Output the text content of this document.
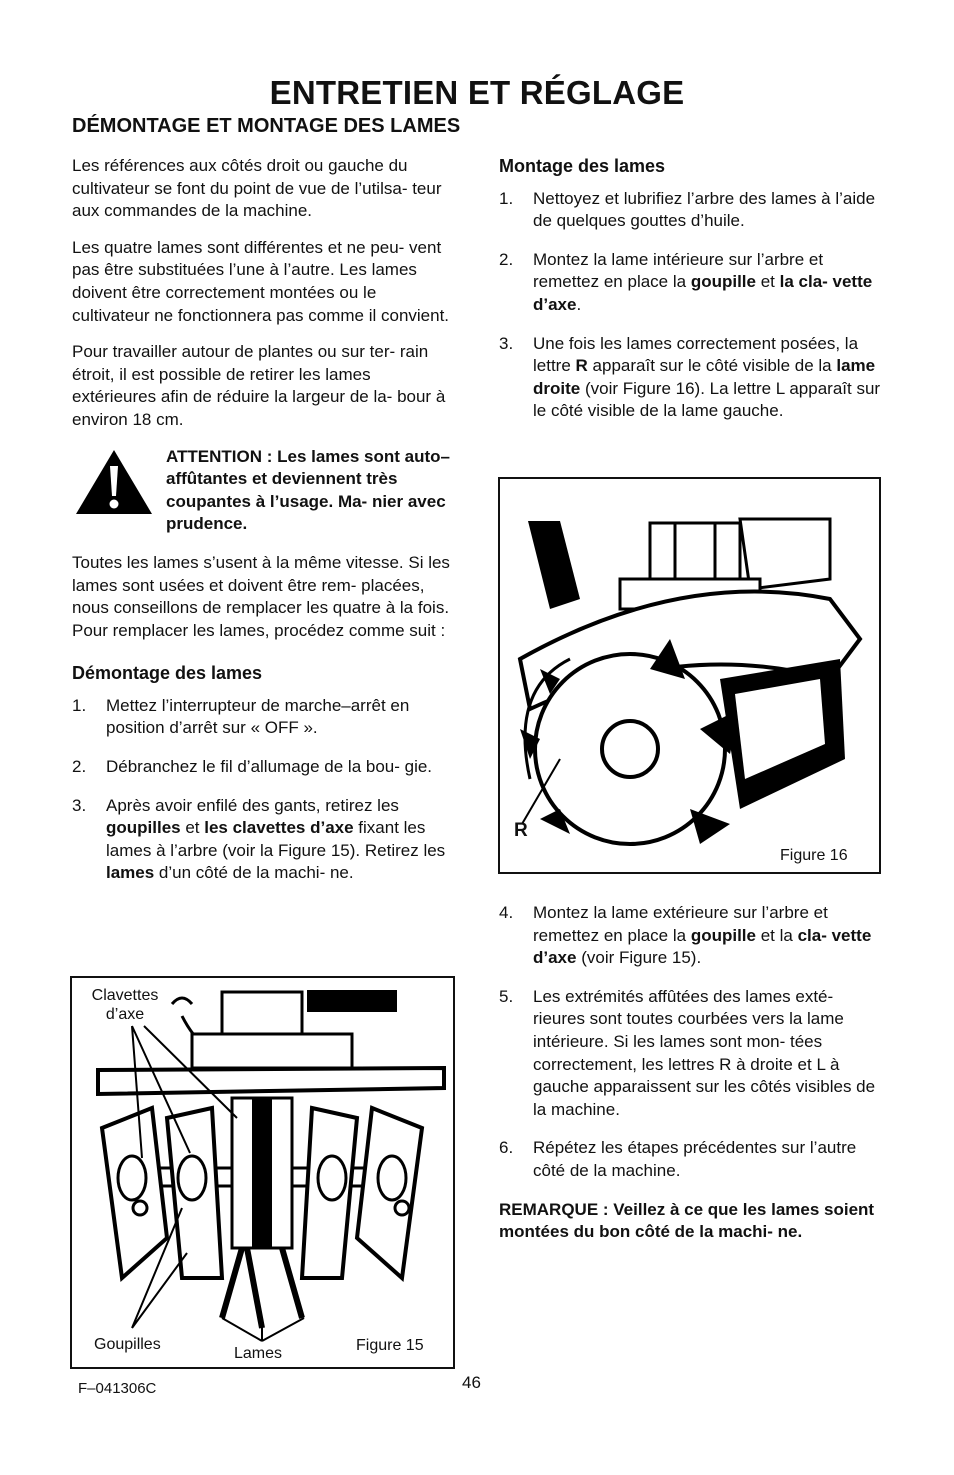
ENTRETIEN ET RÉGLAGE
DÉMONTAGE ET MONTAGE DES LAMES

Les références aux côtés droit ou gauche du cultivateur se font du point de vue de l’utilsa- teur aux commandes de la machine.

Les quatre lames sont différentes et ne peu- vent pas être substituées l’une à l’autre. Les lames doivent être correctement montées ou le cultivateur ne fonctionnera pas comme il convient.

Pour travailler autour de plantes ou sur ter- rain étroit, il est possible de retirer les lames extérieures afin de réduire la largeur de la- bour à environ 18 cm.

ATTENTION : Les lames sont auto–affûtantes et deviennent très coupantes à l’usage. Ma- nier avec prudence.

Toutes les lames s’usent à la même vitesse. Si les lames sont usées et doivent être rem- placées, nous conseillons de remplacer les quatre à la fois. Pour remplacer les lames, procédez comme suit :

Démontage des lames
1. Mettez l’interrupteur de marche–arrêt en position d’arrêt sur « OFF ».
2. Débranchez le fil d’allumage de la bou- gie.
3. Après avoir enfilé des gants, retirez les goupilles et les clavettes d’axe fixant les lames à l’arbre (voir la Figure 15). Retirez les lames d’un côté de la machi- ne.
Clavettes d’axe
Goupilles
Lames	Figure 15
Montage des lames
1. Nettoyez et lubrifiez l’arbre des lames à l’aide de quelques gouttes d’huile.
2. Montez la lame intérieure sur l’arbre et remettez en place la goupille et la cla- vette d’axe.
3. Une fois les lames correctement posées, la lettre R apparaît sur le côté visible de la lame droite (voir Figure 16). La lettre L apparaît sur le côté visible de la lame gauche.
R
Figure 16
4. Montez la lame extérieure sur l’arbre et remettez en place la goupille et la cla- vette d’axe (voir Figure 15).
5. Les extrémités affûtées des lames exté- rieures sont toutes courbées vers la lame intérieure. Si les lames sont mon- tées correctement, les lettres R à droite et L à gauche apparaissent sur les côtés visibles de la machine.
6. Répétez les étapes précédentes sur l’autre côté de la machine.

REMARQUE : Veillez à ce que les lames soient montées du bon côté de la machi- ne.

F–041306C	46
